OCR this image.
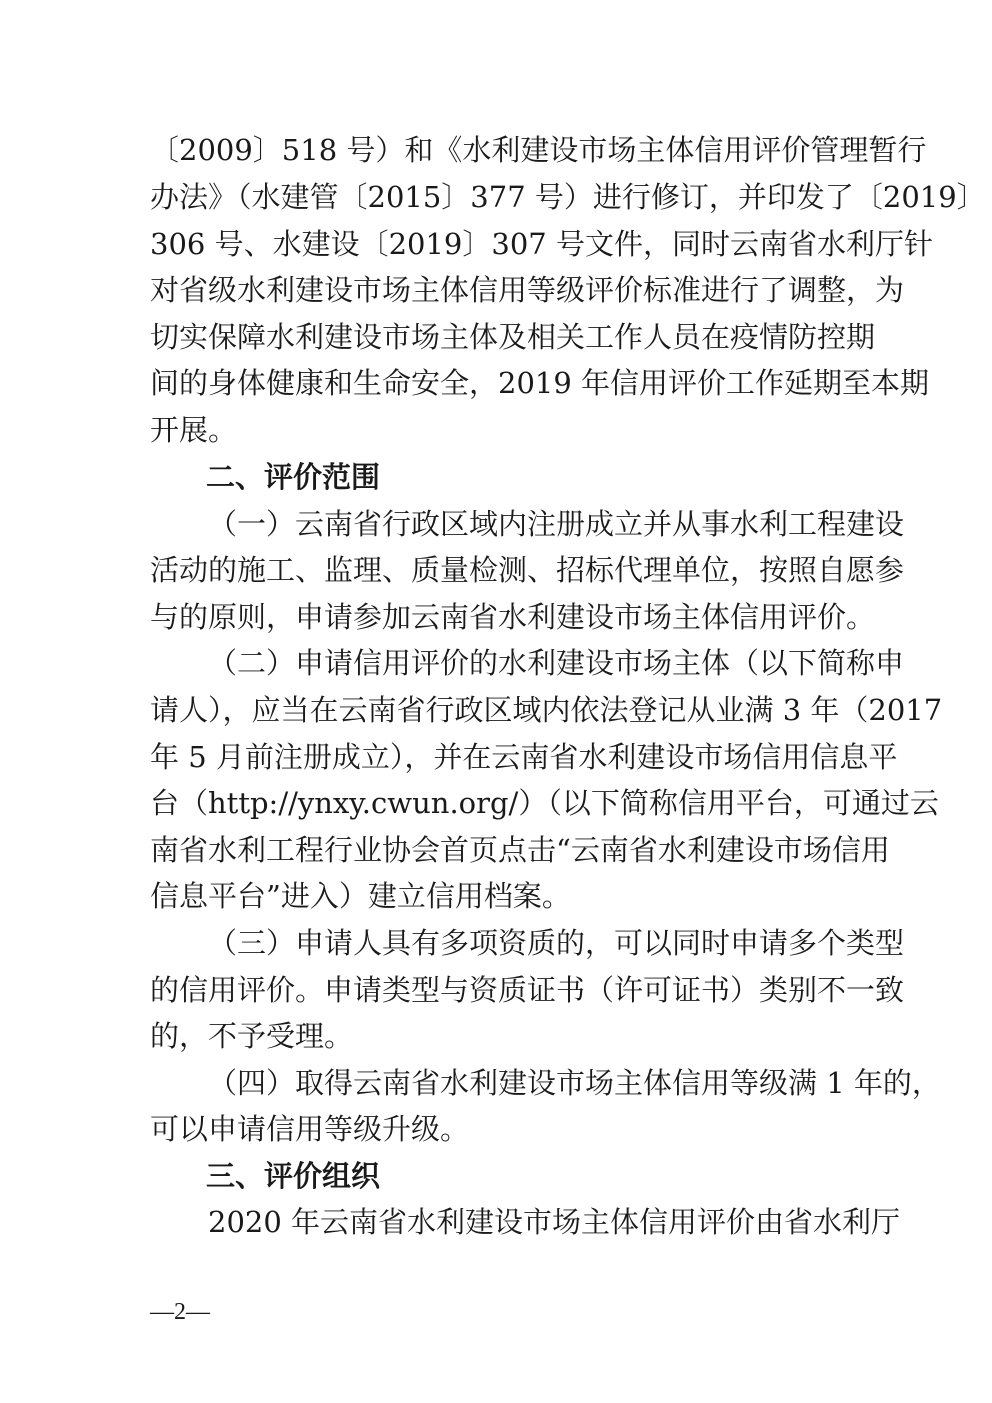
〔2009〕518 号）和《水利建设市场主体信用评价管理暂行
办法》（水建管〔2015〕377 号）进行修订，并印发了〔2019〕
306 号、水建设〔2019〕307 号文件，同时云南省水利厅针
对省级水利建设市场主体信用等级评价标准进行了调整，为
切实保障水利建设市场主体及相关工作人员在疫情防控期
间的身体健康和生命安全，2019 年信用评价工作延期至本期
开展。
二、评价范围
（一）云南省行政区域内注册成立并从事水利工程建设
活动的施工、监理、质量检测、招标代理单位，按照自愿参
与的原则，申请参加云南省水利建设市场主体信用评价。
（二）申请信用评价的水利建设市场主体（以下简称申
请人），应当在云南省行政区域内依法登记从业满 3 年（2017
年 5 月前注册成立），并在云南省水利建设市场信用信息平
台（http://ynxy.cwun.org/）（以下简称信用平台，可通过云
南省水利工程行业协会首页点击“云南省水利建设市场信用
信息平台”进入）建立信用档案。
（三）申请人具有多项资质的，可以同时申请多个类型
的信用评价。申请类型与资质证书（许可证书）类别不一致
的，不予受理。
（四）取得云南省水利建设市场主体信用等级满 1 年的，
可以申请信用等级升级。
三、评价组织
2020 年云南省水利建设市场主体信用评价由省水利厅
—2—
